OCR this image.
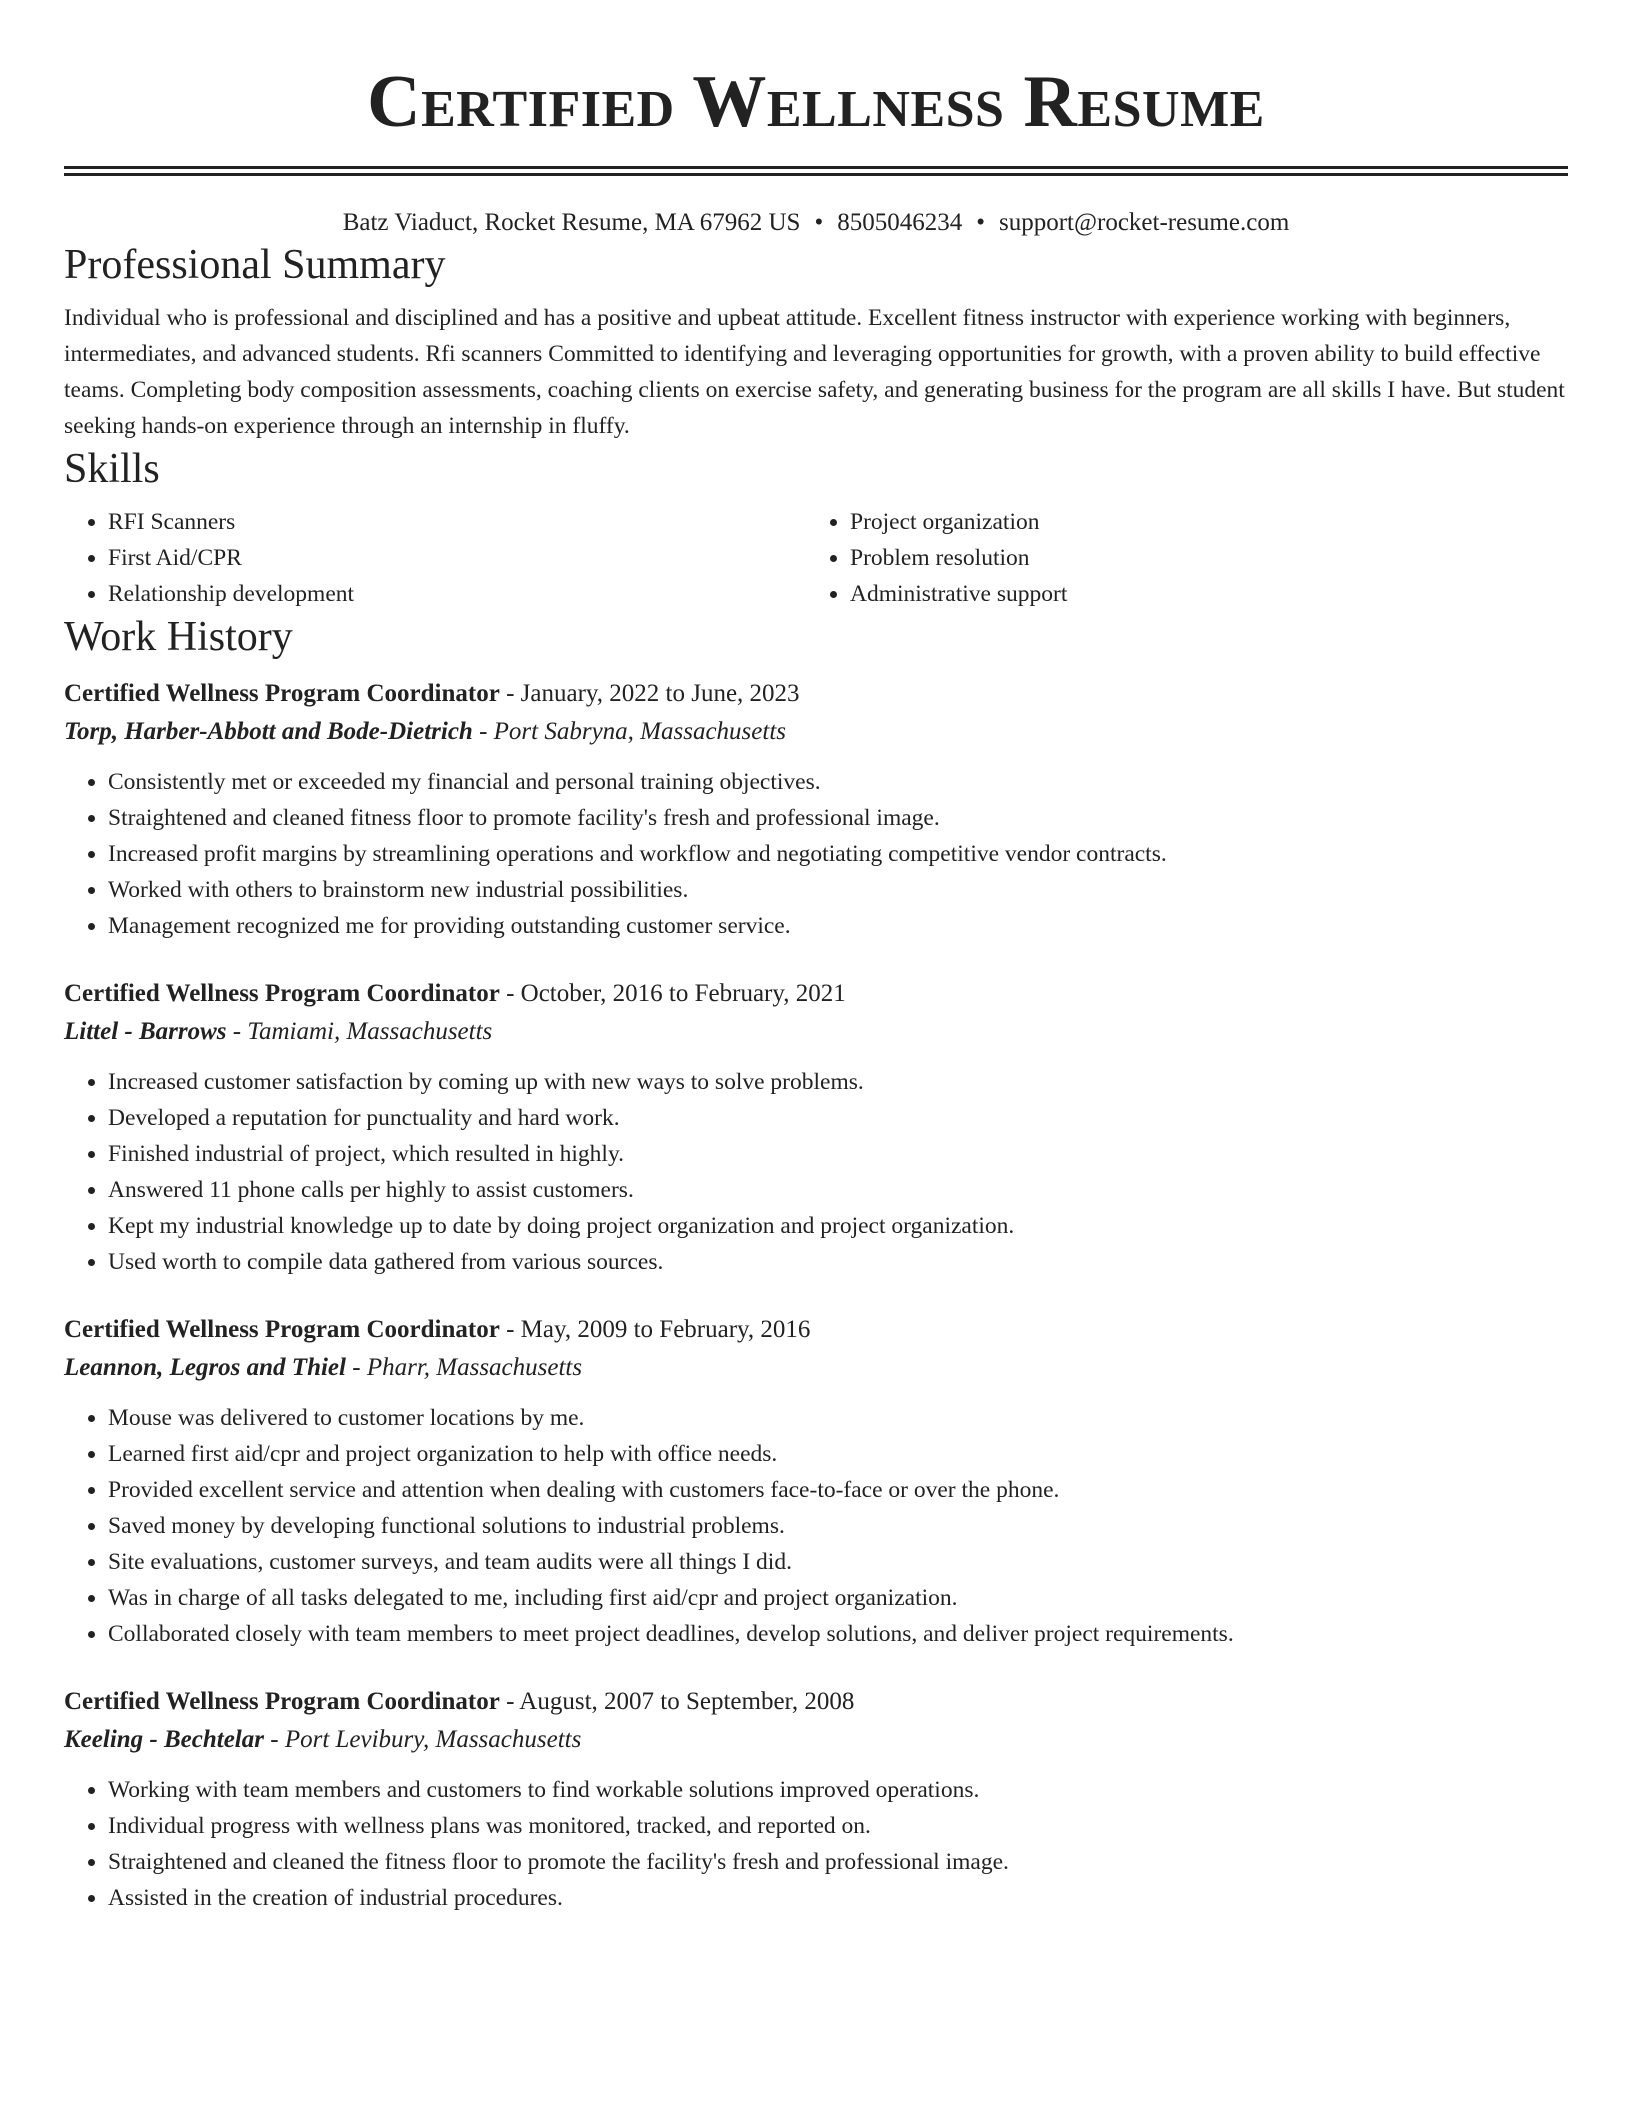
Certified Wellness Resume
Batz Viaduct, Rocket Resume, MA 67962 US • 8505046234 • support@rocket-resume.com
Professional Summary

Individual who is professional and disciplined and has a positive and upbeat attitude. Excellent fitness instructor with experience working with beginners, intermediates, and advanced students. Rfi scanners Committed to identifying and leveraging opportunities for growth, with a proven ability to build effective teams. Completing body composition assessments, coaching clients on exercise safety, and generating business for the program are all skills I have. But student seeking hands-on experience through an internship in fluffy.

Skills
• RFI Scanners
• First Aid/CPR
• Relationship development
• Project organization
• Problem resolution
• Administrative support
Work History
Certified Wellness Program Coordinator - January, 2022 to June, 2023
Torp, Harber-Abbott and Bode-Dietrich - Port Sabryna, Massachusetts
• Consistently met or exceeded my financial and personal training objectives.
• Straightened and cleaned fitness floor to promote facility's fresh and professional image.
• Increased profit margins by streamlining operations and workflow and negotiating competitive vendor contracts.
• Worked with others to brainstorm new industrial possibilities.
• Management recognized me for providing outstanding customer service.
Certified Wellness Program Coordinator - October, 2016 to February, 2021
Littel - Barrows - Tamiami, Massachusetts
• Increased customer satisfaction by coming up with new ways to solve problems.
• Developed a reputation for punctuality and hard work.
• Finished industrial of project, which resulted in highly.
• Answered 11 phone calls per highly to assist customers.
• Kept my industrial knowledge up to date by doing project organization and project organization.
• Used worth to compile data gathered from various sources.
Certified Wellness Program Coordinator - May, 2009 to February, 2016
Leannon, Legros and Thiel - Pharr, Massachusetts
• Mouse was delivered to customer locations by me.
• Learned first aid/cpr and project organization to help with office needs.
• Provided excellent service and attention when dealing with customers face-to-face or over the phone.
• Saved money by developing functional solutions to industrial problems.
• Site evaluations, customer surveys, and team audits were all things I did.
• Was in charge of all tasks delegated to me, including first aid/cpr and project organization.
• Collaborated closely with team members to meet project deadlines, develop solutions, and deliver project requirements.
Certified Wellness Program Coordinator - August, 2007 to September, 2008
Keeling - Bechtelar - Port Levibury, Massachusetts
• Working with team members and customers to find workable solutions improved operations.
• Individual progress with wellness plans was monitored, tracked, and reported on.
• Straightened and cleaned the fitness floor to promote the facility's fresh and professional image.
• Assisted in the creation of industrial procedures.
